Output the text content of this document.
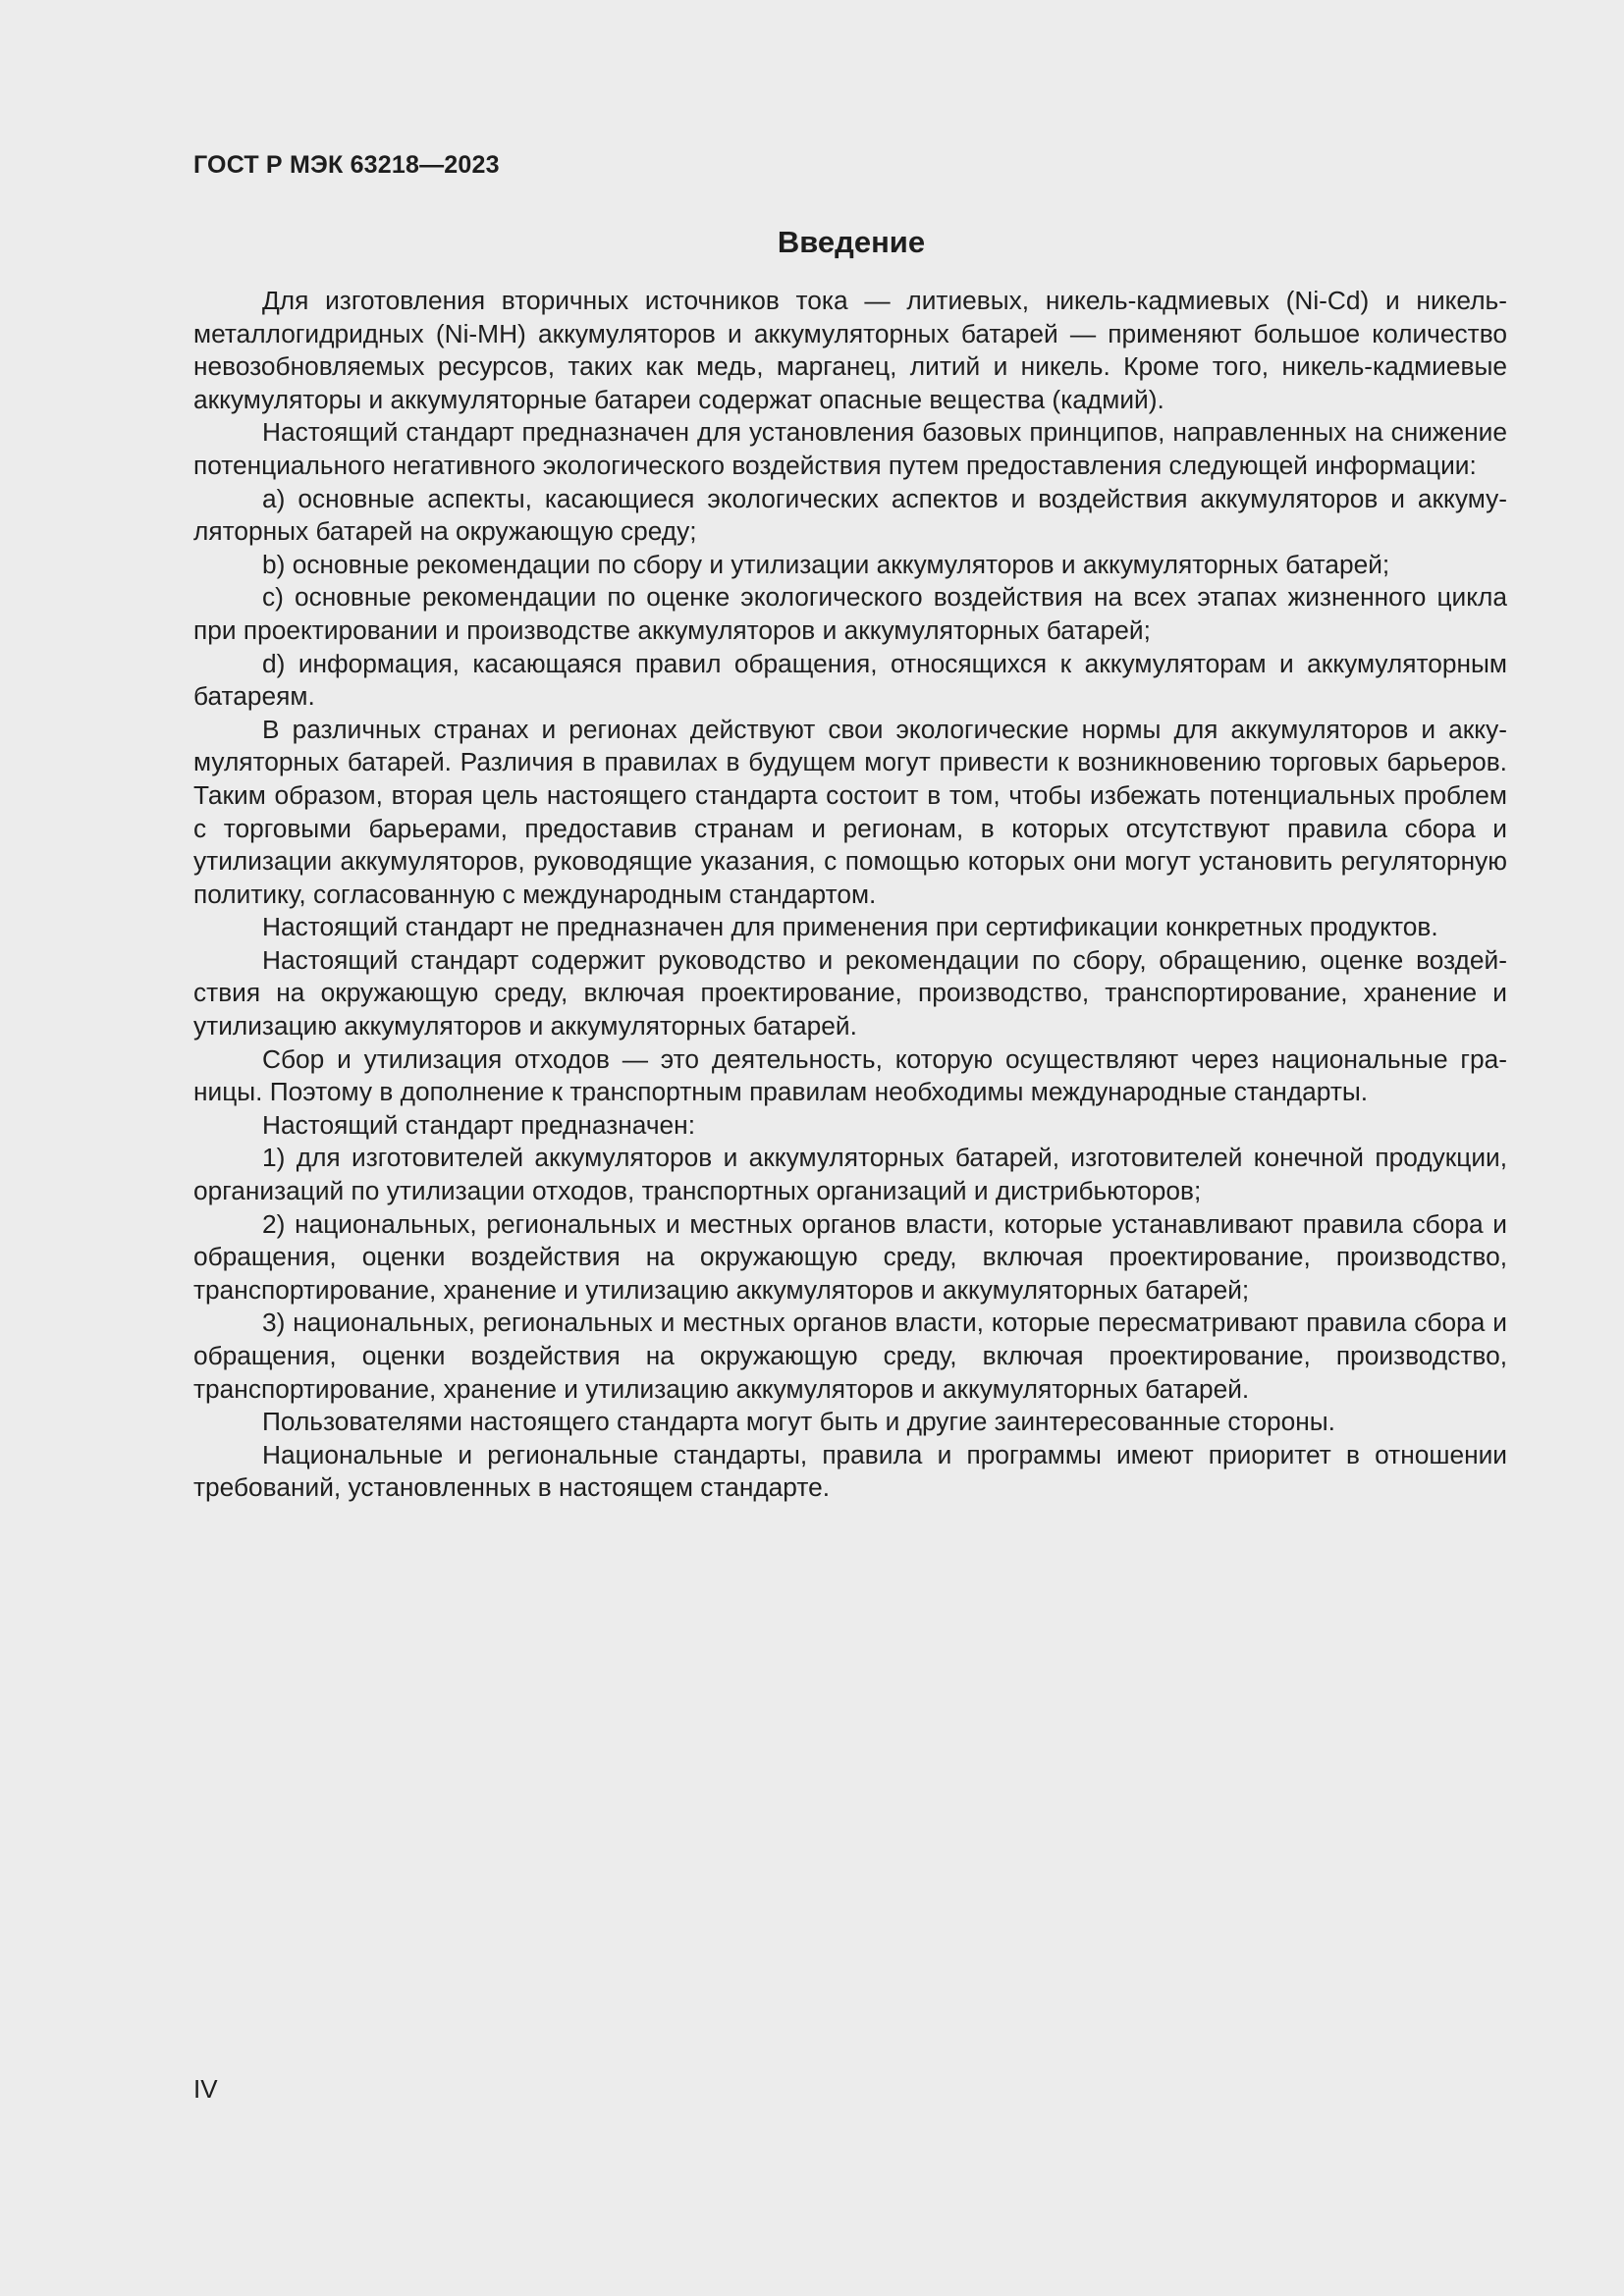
ГОСТ Р МЭК 63218—2023
Введение

Для изготовления вторичных источников тока — литиевых, никель-кадмиевых (Ni-Cd) и никель-металлогидридных (Ni-MH) аккумуляторов и аккумуляторных батарей — применяют большое количество невозобновляемых ресурсов, таких как медь, марганец, литий и никель. Кроме того, никель-кадмиевые аккумуляторы и аккумуляторные батареи содержат опасные вещества (кадмий).

Настоящий стандарт предназначен для установления базовых принципов, направленных на снижение потенциального негативного экологического воздействия путем предоставления следующей информации:

a) основные аспекты, касающиеся экологических аспектов и воздействия аккумуляторов и аккумуляторных батарей на окружающую среду;

b) основные рекомендации по сбору и утилизации аккумуляторов и аккумуляторных батарей;

c) основные рекомендации по оценке экологического воздействия на всех этапах жизненного цикла при проектировании и производстве аккумуляторов и аккумуляторных батарей;

d) информация, касающаяся правил обращения, относящихся к аккумуляторам и аккумуляторным батареям.

В различных странах и регионах действуют свои экологические нормы для аккумуляторов и аккумуляторных батарей. Различия в правилах в будущем могут привести к возникновению торговых барьеров. Таким образом, вторая цель настоящего стандарта состоит в том, чтобы избежать потенциальных проблем с торговыми барьерами, предоставив странам и регионам, в которых отсутствуют правила сбора и утилизации аккумуляторов, руководящие указания, с помощью которых они могут установить регуляторную политику, согласованную с международным стандартом.

Настоящий стандарт не предназначен для применения при сертификации конкретных продуктов.

Настоящий стандарт содержит руководство и рекомендации по сбору, обращению, оценке воздействия на окружающую среду, включая проектирование, производство, транспортирование, хранение и утилизацию аккумуляторов и аккумуляторных батарей.

Сбор и утилизация отходов — это деятельность, которую осуществляют через национальные границы. Поэтому в дополнение к транспортным правилам необходимы международные стандарты.

Настоящий стандарт предназначен:

1) для изготовителей аккумуляторов и аккумуляторных батарей, изготовителей конечной продукции, организаций по утилизации отходов, транспортных организаций и дистрибьюторов;

2) национальных, региональных и местных органов власти, которые устанавливают правила сбора и обращения, оценки воздействия на окружающую среду, включая проектирование, производство, транспортирование, хранение и утилизацию аккумуляторов и аккумуляторных батарей;

3) национальных, региональных и местных органов власти, которые пересматривают правила сбора и обращения, оценки воздействия на окружающую среду, включая проектирование, производство, транспортирование, хранение и утилизацию аккумуляторов и аккумуляторных батарей.

Пользователями настоящего стандарта могут быть и другие заинтересованные стороны.

Национальные и региональные стандарты, правила и программы имеют приоритет в отношении требований, установленных в настоящем стандарте.

IV
